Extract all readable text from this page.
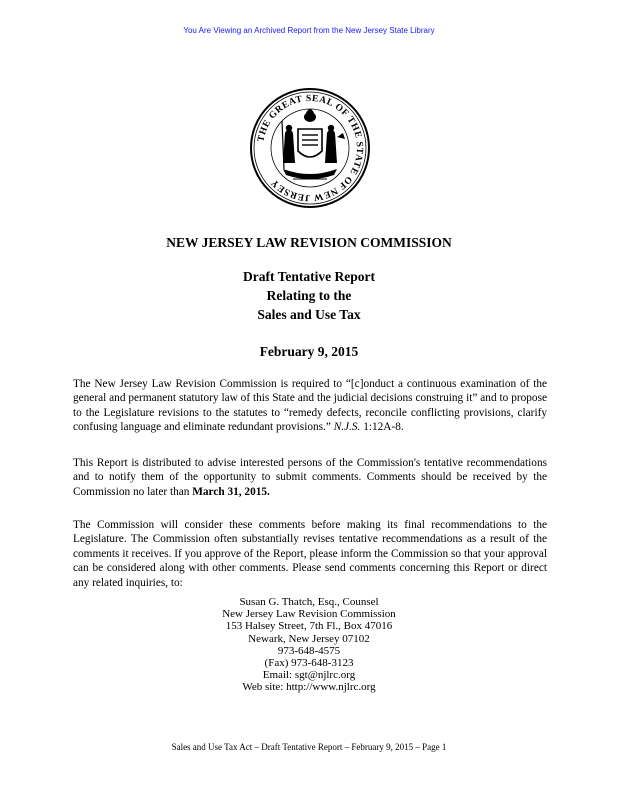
You Are Viewing an Archived Report from the New Jersey State Library
THE GREAT SEAL OF THE STATE OF NEW JERSEY
NEW JERSEY LAW REVISION COMMISSION
Draft Tentative Report
Relating to the
Sales and Use Tax
February 9, 2015

The New Jersey Law Revision Commission is required to “[c]onduct a continuous examination of the general and permanent statutory law of this State and the judicial decisions construing it” and to propose to the Legislature revisions to the statutes to “remedy defects, reconcile conflicting provisions, clarify confusing language and eliminate redundant provisions.” N.J.S. 1:12A-8.

This Report is distributed to advise interested persons of the Commission's tentative recommendations and to notify them of the opportunity to submit comments. Comments should be received by the Commission no later than March 31, 2015.

The Commission will consider these comments before making its final recommendations to the Legislature. The Commission often substantially revises tentative recommendations as a result of the comments it receives. If you approve of the Report, please inform the Commission so that your approval can be considered along with other comments. Please send comments concerning this Report or direct any related inquiries, to:

Susan G. Thatch, Esq., Counsel
New Jersey Law Revision Commission
153 Halsey Street, 7th Fl., Box 47016
Newark, New Jersey 07102
973-648-4575
(Fax) 973-648-3123
Email: sgt@njlrc.org
Web site: http://www.njlrc.org
Sales and Use Tax Act – Draft Tentative Report – February 9, 2015 – Page 1
